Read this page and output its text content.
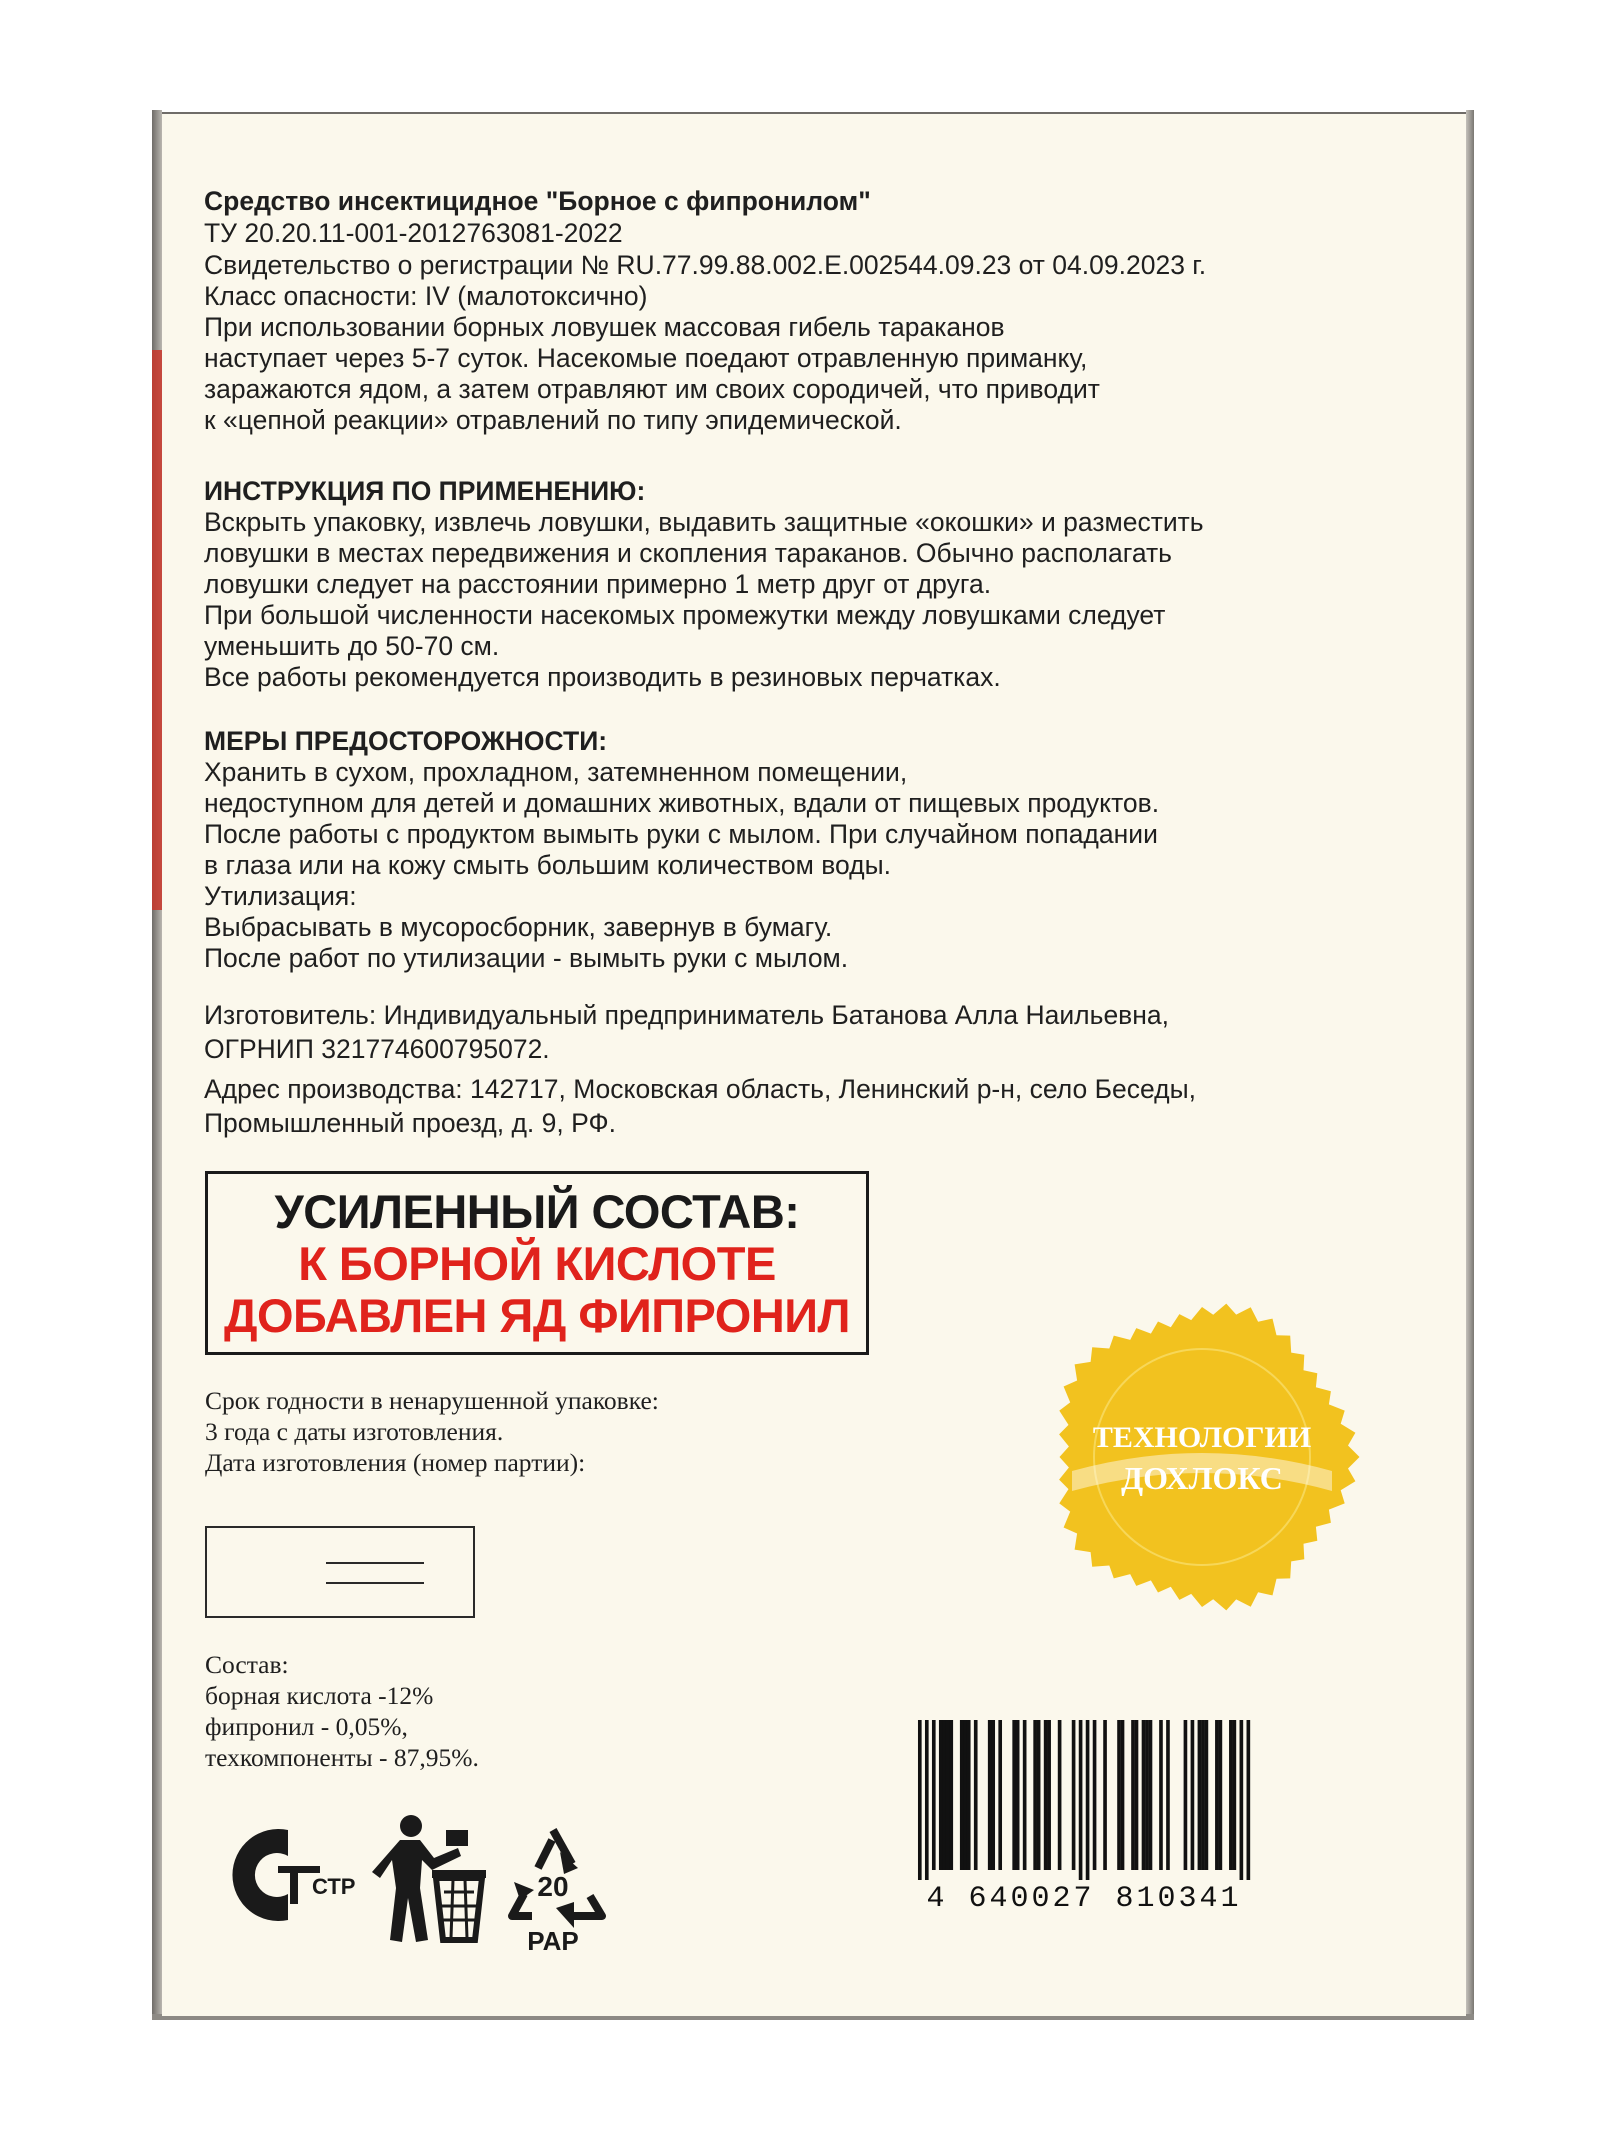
Средство инсектицидное "Борное с фипронилом"
ТУ 20.20.11-001-2012763081-2022
Свидетельство о регистрации № RU.77.99.88.002.Е.002544.09.23 от 04.09.2023 г.
Класс опасности: IV (малотоксично)
При использовании борных ловушек массовая гибель тараканов
наступает через 5-7 суток. Насекомые поедают отравленную приманку,
заражаются ядом, а затем отравляют им своих сородичей, что приводит
к «цепной реакции» отравлений по типу эпидемической.
ИНСТРУКЦИЯ ПО ПРИМЕНЕНИЮ:
Вскрыть упаковку, извлечь ловушки, выдавить защитные «окошки» и разместить
ловушки в местах передвижения и скопления тараканов. Обычно располагать
ловушки следует на расстоянии примерно 1 метр друг от друга.
При большой численности насекомых промежутки между ловушками следует
уменьшить до 50-70 см.
Все работы рекомендуется производить в резиновых перчатках.
МЕРЫ ПРЕДОСТОРОЖНОСТИ:
Хранить в сухом, прохладном, затемненном помещении,
недоступном для детей и домашних животных, вдали от пищевых продуктов.
После работы с продуктом вымыть руки с мылом. При случайном попадании
в глаза или на кожу смыть большим количеством воды.
Утилизация:
Выбрасывать в мусоросборник, завернув в бумагу.
После работ по утилизации - вымыть руки с мылом.
Изготовитель: Индивидуальный предприниматель Батанова Алла Наильевна,
ОГРНИП 321774600795072.
Адрес производства: 142717, Московская область, Ленинский р-н, село Беседы,
Промышленный проезд, д. 9, РФ.
УСИЛЕННЫЙ СОСТАВ:
К БОРНОЙ КИСЛОТЕ
ДОБАВЛЕН ЯД ФИПРОНИЛ
Срок годности в ненарушенной упаковке:
3 года с даты изготовления.
Дата изготовления (номер партии):
Состав:
борная кислота -12%
фипронил - 0,05%,
техкомпоненты - 87,95%.
ТЕХНОЛОГИИ
ДОХЛОКС
4 640027 810341
СТР	20
PAP
